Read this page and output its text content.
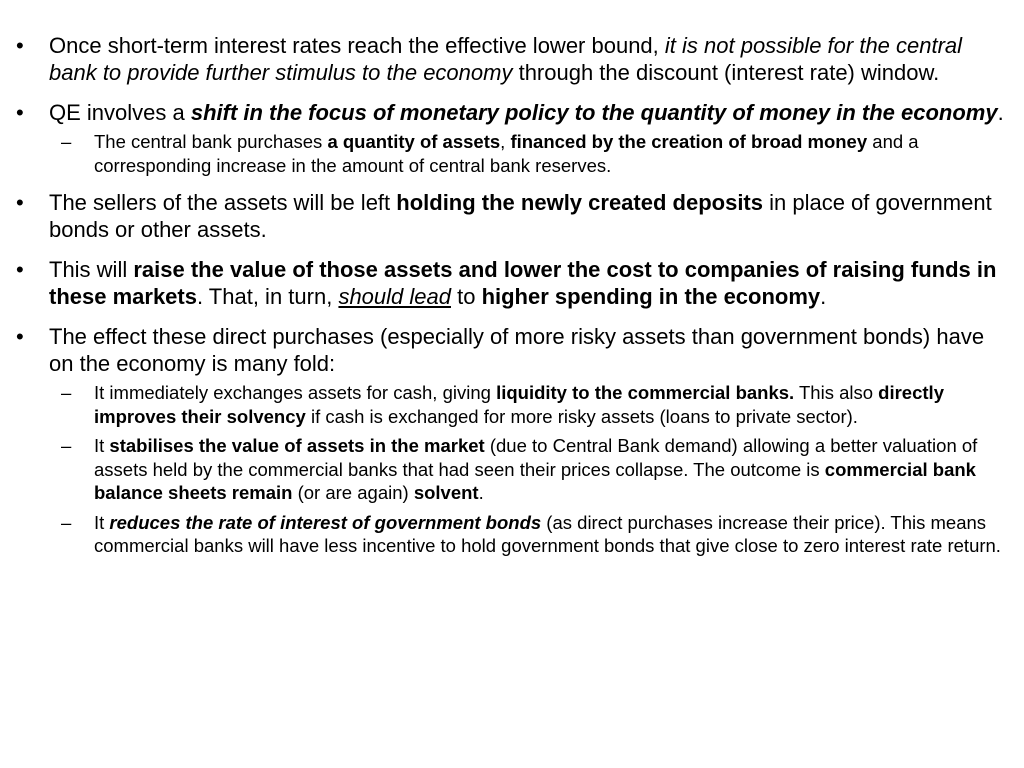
•	Once short-term interest rates reach the effective lower bound, it is not possible for the central bank to provide further stimulus to the economy through the discount (interest rate) window.
•	QE involves a shift in the focus of monetary policy to the quantity of money in the economy.
–	The central bank purchases a quantity of assets, financed by the creation of broad money and a corresponding increase in the amount of central bank reserves.
•	The sellers of the assets will be left holding the newly created deposits in place of government bonds or other assets.
•	This will raise the value of those assets and lower the cost to companies of raising funds in these markets. That, in turn, should lead to higher spending in the economy.
•	The effect these direct purchases (especially of more risky assets than government bonds) have on the economy is many fold:
–	It immediately exchanges assets for cash, giving liquidity to the commercial banks. This also directly improves their solvency if cash is exchanged for more risky assets (loans to private sector).
–	It stabilises the value of assets in the market (due to Central Bank demand) allowing a better valuation of assets held by the commercial banks that had seen their prices collapse. The outcome is commercial bank balance sheets remain (or are again) solvent.
–	It reduces the rate of interest of government bonds (as direct purchases increase their price). This means commercial banks will have less incentive to hold government bonds that give close to zero interest rate return.
